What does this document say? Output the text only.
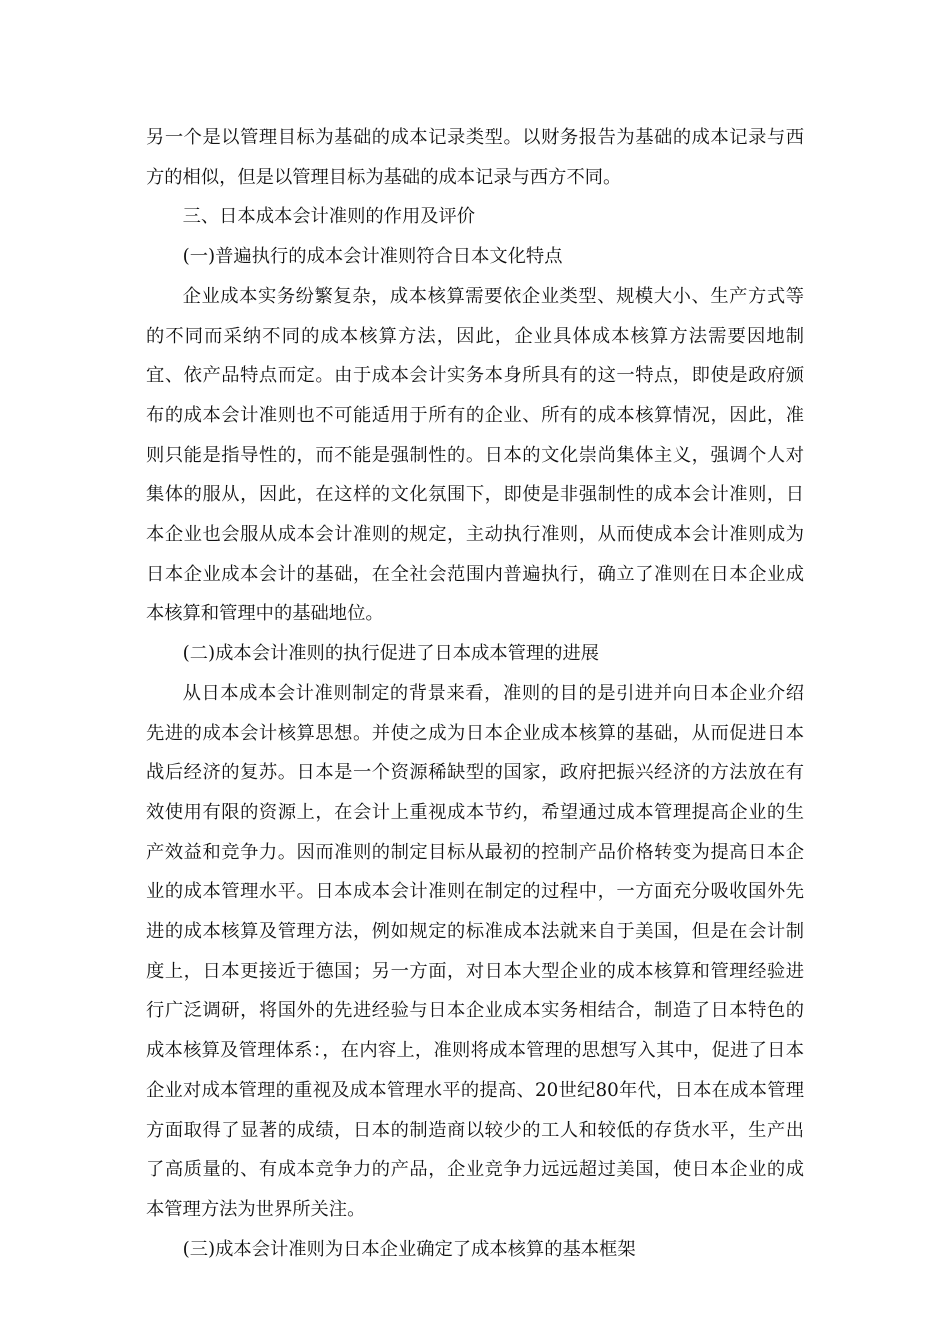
另一个是以管理目标为基础的成本记录类型。以财务报告为基础的成本记录与西方的相似，但是以管理目标为基础的成本记录与西方不同。

三、日本成本会计准则的作用及评价

(一)普遍执行的成本会计准则符合日本文化特点

企业成本实务纷繁复杂，成本核算需要依企业类型、规模大小、生产方式等的不同而采纳不同的成本核算方法，因此，企业具体成本核算方法需要因地制宜、依产品特点而定。由于成本会计实务本身所具有的这一特点，即使是政府颁布的成本会计准则也不可能适用于所有的企业、所有的成本核算情况，因此，准则只能是指导性的，而不能是强制性的。日本的文化崇尚集体主义，强调个人对集体的服从，因此，在这样的文化氛围下，即使是非强制性的成本会计准则，日本企业也会服从成本会计准则的规定，主动执行准则，从而使成本会计准则成为日本企业成本会计的基础，在全社会范围内普遍执行，确立了准则在日本企业成本核算和管理中的基础地位。

(二)成本会计准则的执行促进了日本成本管理的进展

从日本成本会计准则制定的背景来看，准则的目的是引进并向日本企业介绍先进的成本会计核算思想。并使之成为日本企业成本核算的基础，从而促进日本战后经济的复苏。日本是一个资源稀缺型的国家，政府把振兴经济的方法放在有效使用有限的资源上，在会计上重视成本节约，希望通过成本管理提高企业的生产效益和竞争力。因而准则的制定目标从最初的控制产品价格转变为提高日本企业的成本管理水平。日本成本会计准则在制定的过程中，一方面充分吸收国外先进的成本核算及管理方法，例如规定的标准成本法就来自于美国，但是在会计制度上，日本更接近于德国；另一方面，对日本大型企业的成本核算和管理经验进行广泛调研，将国外的先进经验与日本企业成本实务相结合，制造了日本特色的成本核算及管理体系：，在内容上，准则将成本管理的思想写入其中，促进了日本企业对成本管理的重视及成本管理水平的提高、20世纪80年代，日本在成本管理方面取得了显著的成绩，日本的制造商以较少的工人和较低的存货水平，生产出了高质量的、有成本竞争力的产品，企业竞争力远远超过美国，使日本企业的成本管理方法为世界所关注。

(三)成本会计准则为日本企业确定了成本核算的基本框架
